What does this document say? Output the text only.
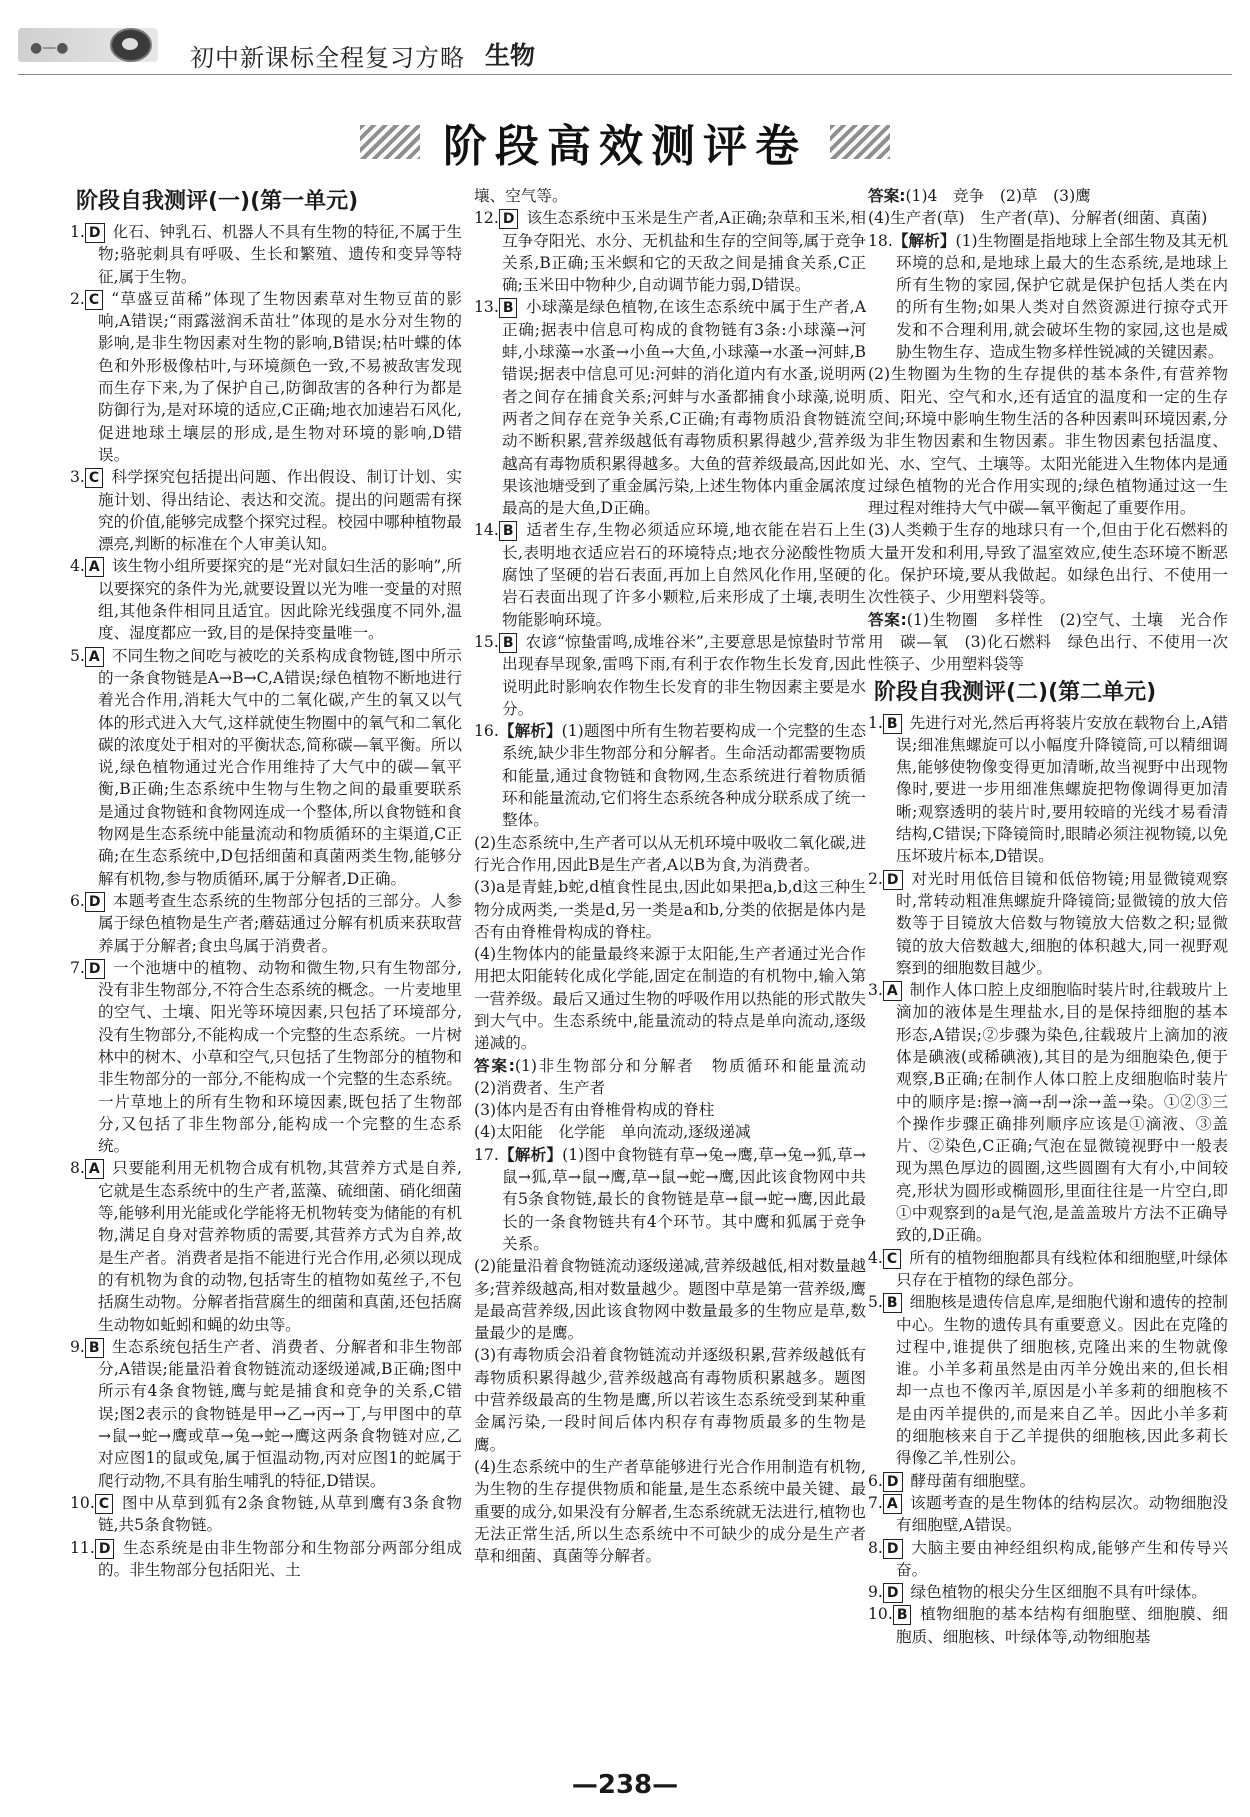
●—●	初中新课标全程复习方略 生物
阶段高效测评卷
阶段自我测评(一)(第一单元)

1. D 化石、钟乳石、机器人不具有生物的特征,不属于生物;骆驼刺具有呼吸、生长和繁殖、遗传和变异等特征,属于生物。

2. C “草盛豆苗稀”体现了生物因素草对生物豆苗的影响,A错误;“雨露滋润禾苗壮”体现的是水分对生物的影响,是非生物因素对生物的影响,B错误;枯叶蝶的体色和外形极像枯叶,与环境颜色一致,不易被敌害发现而生存下来,为了保护自己,防御敌害的各种行为都是防御行为,是对环境的适应,C正确;地衣加速岩石风化,促进地球土壤层的形成,是生物对环境的影响,D错误。

3. C 科学探究包括提出问题、作出假设、制订计划、实施计划、得出结论、表达和交流。提出的问题需有探究的价值,能够完成整个探究过程。校园中哪种植物最漂亮,判断的标准在个人审美认知。

4. A 该生物小组所要探究的是“光对鼠妇生活的影响”,所以要探究的条件为光,就要设置以光为唯一变量的对照组,其他条件相同且适宜。因此除光线强度不同外,温度、湿度都应一致,目的是保持变量唯一。

5. A 不同生物之间吃与被吃的关系构成食物链,图中所示的一条食物链是A→B→C,A错误;绿色植物不断地进行着光合作用,消耗大气中的二氧化碳,产生的氧又以气体的形式进入大气,这样就使生物圈中的氧气和二氧化碳的浓度处于相对的平衡状态,简称碳—氧平衡。所以说,绿色植物通过光合作用维持了大气中的碳—氧平衡,B正确;生态系统中生物与生物之间的最重要联系是通过食物链和食物网连成一个整体,所以食物链和食物网是生态系统中能量流动和物质循环的主渠道,C正确;在生态系统中,D包括细菌和真菌两类生物,能够分解有机物,参与物质循环,属于分解者,D正确。

6. D 本题考查生态系统的生物部分包括的三部分。人参属于绿色植物是生产者;蘑菇通过分解有机质来获取营养属于分解者;食虫鸟属于消费者。

7. D 一个池塘中的植物、动物和微生物,只有生物部分,没有非生物部分,不符合生态系统的概念。一片麦地里的空气、土壤、阳光等环境因素,只包括了环境部分,没有生物部分,不能构成一个完整的生态系统。一片树林中的树木、小草和空气,只包括了生物部分的植物和非生物部分的一部分,不能构成一个完整的生态系统。一片草地上的所有生物和环境因素,既包括了生物部分,又包括了非生物部分,能构成一个完整的生态系统。

8. A 只要能利用无机物合成有机物,其营养方式是自养,它就是生态系统中的生产者,蓝藻、硫细菌、硝化细菌等,能够利用光能或化学能将无机物转变为储能的有机物,满足自身对营养物质的需要,其营养方式为自养,故是生产者。消费者是指不能进行光合作用,必须以现成的有机物为食的动物,包括寄生的植物如菟丝子,不包括腐生动物。分解者指营腐生的细菌和真菌,还包括腐生动物如蚯蚓和蝇的幼虫等。

9. B 生态系统包括生产者、消费者、分解者和非生物部分,A错误;能量沿着食物链流动逐级递减,B正确;图中所示有4条食物链,鹰与蛇是捕食和竞争的关系,C错误;图2表示的食物链是甲→乙→丙→丁,与甲图中的草→鼠→蛇→鹰或草→兔→蛇→鹰这两条食物链对应,乙对应图1的鼠或兔,属于恒温动物,丙对应图1的蛇属于爬行动物,不具有胎生哺乳的特征,D错误。

10. C 图中从草到狐有2条食物链,从草到鹰有3条食物链,共5条食物链。

11. D 生态系统是由非生物部分和生物部分两部分组成的。非生物部分包括阳光、土

壤、空气等。

12. D 该生态系统中玉米是生产者,A正确;杂草和玉米,相互争夺阳光、水分、无机盐和生存的空间等,属于竞争关系,B正确;玉米螟和它的天敌之间是捕食关系,C正确;玉米田中物种少,自动调节能力弱,D错误。

13. B 小球藻是绿色植物,在该生态系统中属于生产者,A正确;据表中信息可构成的食物链有3条:小球藻→河蚌,小球藻→水蚤→小鱼→大鱼,小球藻→水蚤→河蚌,B错误;据表中信息可见:河蚌的消化道内有水蚤,说明两者之间存在捕食关系;河蚌与水蚤都捕食小球藻,说明两者之间存在竞争关系,C正确;有毒物质沿食物链流动不断积累,营养级越低有毒物质积累得越少,营养级越高有毒物质积累得越多。大鱼的营养级最高,因此如果该池塘受到了重金属污染,上述生物体内重金属浓度最高的是大鱼,D正确。

14. B 适者生存,生物必须适应环境,地衣能在岩石上生长,表明地衣适应岩石的环境特点;地衣分泌酸性物质腐蚀了坚硬的岩石表面,再加上自然风化作用,坚硬的岩石表面出现了许多小颗粒,后来形成了土壤,表明生物能影响环境。

15. B 农谚“惊蛰雷鸣,成堆谷米”,主要意思是惊蛰时节常出现春旱现象,雷鸣下雨,有利于农作物生长发育,因此说明此时影响农作物生长发育的非生物因素主要是水分。

16.【解析】(1)题图中所有生物若要构成一个完整的生态系统,缺少非生物部分和分解者。生命活动都需要物质和能量,通过食物链和食物网,生态系统进行着物质循环和能量流动,它们将生态系统各种成分联系成了统一整体。

(2)生态系统中,生产者可以从无机环境中吸收二氧化碳,进行光合作用,因此B是生产者,A以B为食,为消费者。

(3)a是青蛙,b蛇,d植食性昆虫,因此如果把a,b,d这三种生物分成两类,一类是d,另一类是a和b,分类的依据是体内是否有由脊椎骨构成的脊柱。

(4)生物体内的能量最终来源于太阳能,生产者通过光合作用把太阳能转化成化学能,固定在制造的有机物中,输入第一营养级。最后又通过生物的呼吸作用以热能的形式散失到大气中。生态系统中,能量流动的特点是单向流动,逐级递减的。

答案:(1)非生物部分和分解者　物质循环和能量流动　(2)消费者、生产者

(3)体内是否有由脊椎骨构成的脊柱

(4)太阳能　化学能　单向流动,逐级递减

17.【解析】(1)图中食物链有草→兔→鹰,草→兔→狐,草→鼠→狐,草→鼠→鹰,草→鼠→蛇→鹰,因此该食物网中共有5条食物链,最长的食物链是草→鼠→蛇→鹰,因此最长的一条食物链共有4个环节。其中鹰和狐属于竞争关系。

(2)能量沿着食物链流动逐级递减,营养级越低,相对数量越多;营养级越高,相对数量越少。题图中草是第一营养级,鹰是最高营养级,因此该食物网中数量最多的生物应是草,数量最少的是鹰。

(3)有毒物质会沿着食物链流动并逐级积累,营养级越低有毒物质积累得越少,营养级越高有毒物质积累越多。题图中营养级最高的生物是鹰,所以若该生态系统受到某种重金属污染,一段时间后体内积存有毒物质最多的生物是鹰。

(4)生态系统中的生产者草能够进行光合作用制造有机物,为生物的生存提供物质和能量,是生态系统中最关键、最重要的成分,如果没有分解者,生态系统就无法进行,植物也无法正常生活,所以生态系统中不可缺少的成分是生产者草和细菌、真菌等分解者。

答案:(1)4　竞争　(2)草　(3)鹰

(4)生产者(草)　生产者(草)、分解者(细菌、真菌)

18.【解析】(1)生物圈是指地球上全部生物及其无机环境的总和,是地球上最大的生态系统,是地球上所有生物的家园,保护它就是保护包括人类在内的所有生物;如果人类对自然资源进行掠夺式开发和不合理利用,就会破坏生物的家园,这也是威胁生物生存、造成生物多样性锐减的关键因素。

(2)生物圈为生物的生存提供的基本条件,有营养物质、阳光、空气和水,还有适宜的温度和一定的生存空间;环境中影响生物生活的各种因素叫环境因素,分为非生物因素和生物因素。非生物因素包括温度、光、水、空气、土壤等。太阳光能进入生物体内是通过绿色植物的光合作用实现的;绿色植物通过这一生理过程对维持大气中碳—氧平衡起了重要作用。

(3)人类赖于生存的地球只有一个,但由于化石燃料的大量开发和利用,导致了温室效应,使生态环境不断恶化。保护环境,要从我做起。如绿色出行、不使用一次性筷子、少用塑料袋等。

答案:(1)生物圈　多样性　(2)空气、土壤　光合作用　碳—氧　(3)化石燃料　绿色出行、不使用一次性筷子、少用塑料袋等

阶段自我测评(二)(第二单元)

1. B 先进行对光,然后再将装片安放在载物台上,A错误;细准焦螺旋可以小幅度升降镜筒,可以精细调焦,能够使物像变得更加清晰,故当视野中出现物像时,要进一步用细准焦螺旋把物像调得更加清晰;观察透明的装片时,要用较暗的光线才易看清结构,C错误;下降镜筒时,眼睛必须注视物镜,以免压坏玻片标本,D错误。

2. D 对光时用低倍目镜和低倍物镜;用显微镜观察时,常转动粗准焦螺旋升降镜筒;显微镜的放大倍数等于目镜放大倍数与物镜放大倍数之积;显微镜的放大倍数越大,细胞的体积越大,同一视野观察到的细胞数目越少。

3. A 制作人体口腔上皮细胞临时装片时,往载玻片上滴加的液体是生理盐水,目的是保持细胞的基本形态,A错误;②步骤为染色,往载玻片上滴加的液体是碘液(或稀碘液),其目的是为细胞染色,便于观察,B正确;在制作人体口腔上皮细胞临时装片中的顺序是:擦→滴→刮→涂→盖→染。①②③三个操作步骤正确排列顺序应该是①滴液、③盖片、②染色,C正确;气泡在显微镜视野中一般表现为黑色厚边的圆圈,这些圆圈有大有小,中间较亮,形状为圆形或椭圆形,里面往往是一片空白,即①中观察到的a是气泡,是盖盖玻片方法不正确导致的,D正确。

4. C 所有的植物细胞都具有线粒体和细胞壁,叶绿体只存在于植物的绿色部分。

5. B 细胞核是遗传信息库,是细胞代谢和遗传的控制中心。生物的遗传具有重要意义。因此在克隆的过程中,谁提供了细胞核,克隆出来的生物就像谁。小羊多莉虽然是由丙羊分娩出来的,但长相却一点也不像丙羊,原因是小羊多莉的细胞核不是由丙羊提供的,而是来自乙羊。因此小羊多莉的细胞核来自于乙羊提供的细胞核,因此多莉长得像乙羊,性别公。

6. D 酵母菌有细胞壁。

7. A 该题考查的是生物体的结构层次。动物细胞没有细胞壁,A错误。

8. D 大脑主要由神经组织构成,能够产生和传导兴奋。

9. D 绿色植物的根尖分生区细胞不具有叶绿体。

10. B 植物细胞的基本结构有细胞壁、细胞膜、细胞质、细胞核、叶绿体等,动物细胞基

—238—
